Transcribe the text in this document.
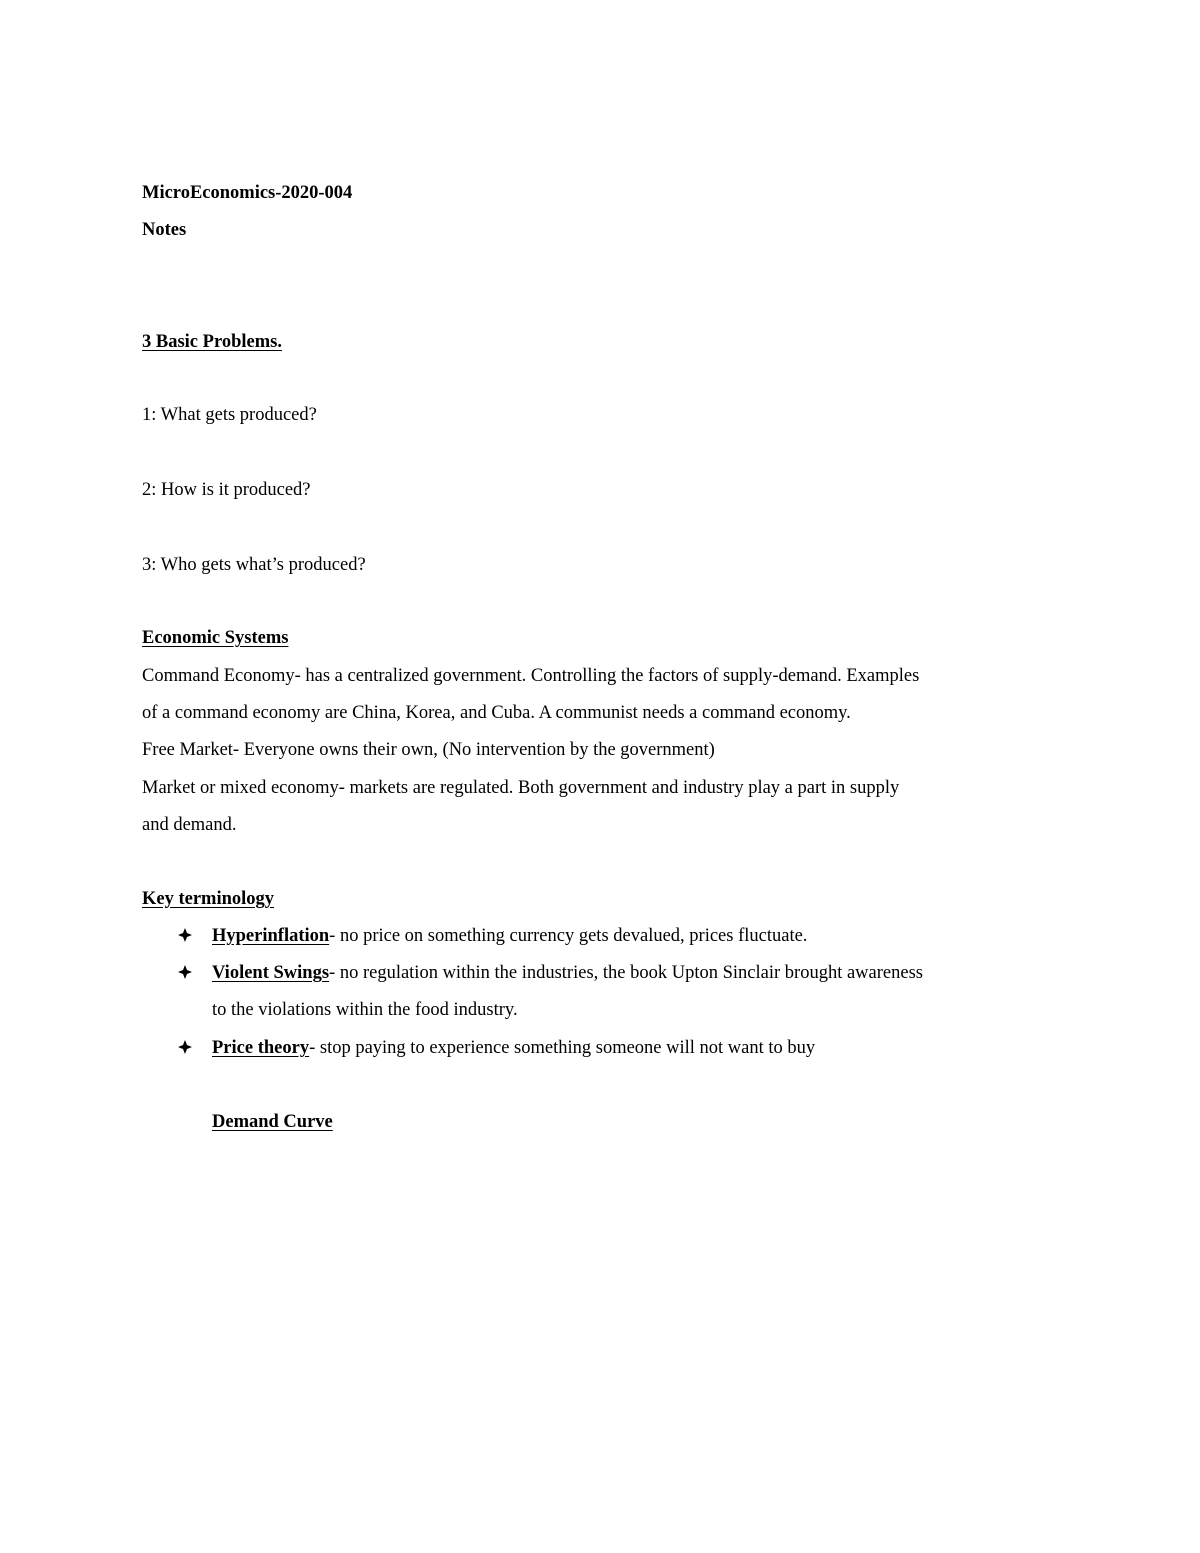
MicroEconomics-2020-004
Notes
3 Basic Problems.
1: What gets produced?
2: How is it produced?
3: Who gets what’s produced?
Economic Systems
Command Economy- has a centralized government. Controlling the factors of supply-demand. Examples
of a command economy are China, Korea, and Cuba. A communist needs a command economy.
Free Market- Everyone owns their own, (No intervention by the government)
Market or mixed economy- markets are regulated. Both government and industry play a part in supply
and demand.
Key terminology
Hyperinflation- no price on something currency gets devalued, prices fluctuate.
Violent Swings- no regulation within the industries, the book Upton Sinclair brought awareness
to the violations within the food industry.
Price theory- stop paying to experience something someone will not want to buy
Demand Curve
